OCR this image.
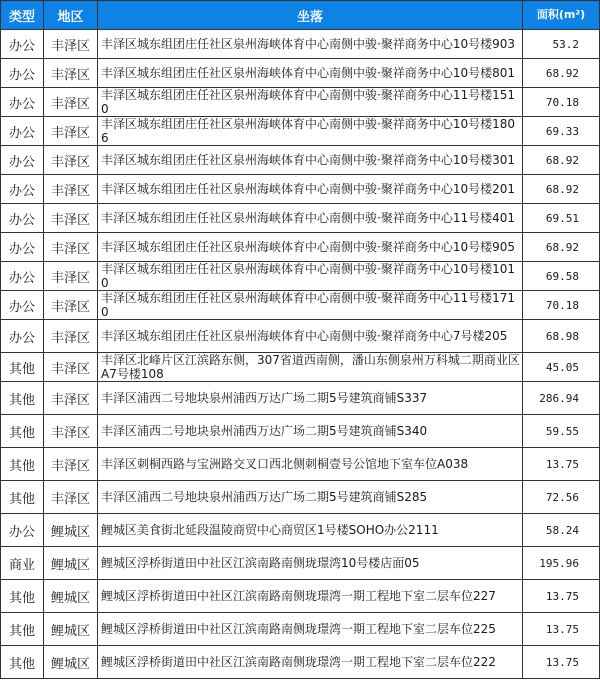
类型	地区	坐落	面积(m²)
办公	丰泽区	丰泽区城东组团庄任社区泉州海峡体育中心南侧中骏·聚祥商务中心10号楼903	53.2
办公	丰泽区	丰泽区城东组团庄任社区泉州海峡体育中心南侧中骏·聚祥商务中心10号楼801	68.92
办公	丰泽区	丰泽区城东组团庄任社区泉州海峡体育中心南侧中骏·聚祥商务中心11号楼1510	70.18
办公	丰泽区	丰泽区城东组团庄任社区泉州海峡体育中心南侧中骏·聚祥商务中心10号楼1806	69.33
办公	丰泽区	丰泽区城东组团庄任社区泉州海峡体育中心南侧中骏·聚祥商务中心10号楼301	68.92
办公	丰泽区	丰泽区城东组团庄任社区泉州海峡体育中心南侧中骏·聚祥商务中心10号楼201	68.92
办公	丰泽区	丰泽区城东组团庄任社区泉州海峡体育中心南侧中骏·聚祥商务中心11号楼401	69.51
办公	丰泽区	丰泽区城东组团庄任社区泉州海峡体育中心南侧中骏·聚祥商务中心10号楼905	68.92
办公	丰泽区	丰泽区城东组团庄任社区泉州海峡体育中心南侧中骏·聚祥商务中心10号楼1010	69.58
办公	丰泽区	丰泽区城东组团庄任社区泉州海峡体育中心南侧中骏·聚祥商务中心11号楼1710	70.18
办公	丰泽区	丰泽区城东组团庄任社区泉州海峡体育中心南侧中骏·聚祥商务中心7号楼205	68.98
其他	丰泽区	丰泽区北峰片区江滨路东侧，307省道西南侧，潘山东侧泉州万科城二期商业区A7号楼108	45.05
其他	丰泽区	丰泽区浦西二号地块泉州浦西万达广场二期5号建筑商铺S337	286.94
其他	丰泽区	丰泽区浦西二号地块泉州浦西万达广场二期5号建筑商铺S340	59.55
其他	丰泽区	丰泽区刺桐西路与宝洲路交叉口西北侧刺桐壹号公馆地下室车位A038	13.75
其他	丰泽区	丰泽区浦西二号地块泉州浦西万达广场二期5号建筑商铺S285	72.56
办公	鲤城区	鲤城区美食街北延段温陵商贸中心商贸区1号楼SOHO办公2111	58.24
商业	鲤城区	鲤城区浮桥街道田中社区江滨南路南侧珑璟湾10号楼店面05	195.96
其他	鲤城区	鲤城区浮桥街道田中社区江滨南路南侧珑璟湾一期工程地下室二层车位227	13.75
其他	鲤城区	鲤城区浮桥街道田中社区江滨南路南侧珑璟湾一期工程地下室二层车位225	13.75
其他	鲤城区	鲤城区浮桥街道田中社区江滨南路南侧珑璟湾一期工程地下室二层车位222	13.75
